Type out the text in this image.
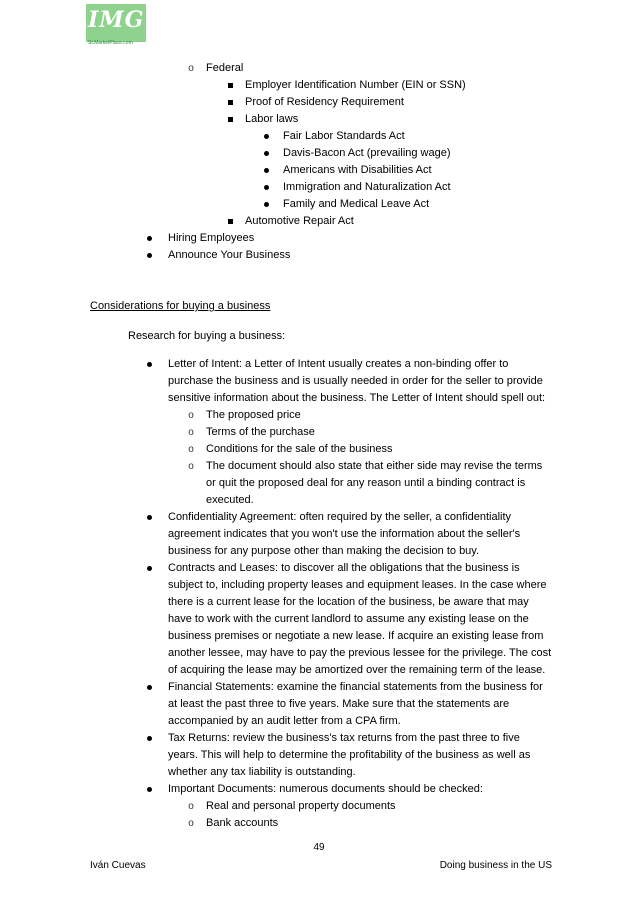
IMG
St.MarketPlace.com
o Federal
Employer Identification Number (EIN or SSN)
Proof of Residency Requirement
Labor laws
Fair Labor Standards Act
Davis-Bacon Act (prevailing wage)
Americans with Disabilities Act
Immigration and Naturalization Act
Family and Medical Leave Act
Automotive Repair Act
Hiring Employees
Announce Your Business
Considerations for buying a business
Research for buying a business:
Letter of Intent: a Letter of Intent usually creates a non-binding offer to
purchase the business and is usually needed in order for the seller to provide
sensitive information about the business. The Letter of Intent should spell out:
o The proposed price
o Terms of the purchase
o Conditions for the sale of the business
o The document should also state that either side may revise the terms
or quit the proposed deal for any reason until a binding contract is
executed.
Confidentiality Agreement: often required by the seller, a confidentiality
agreement indicates that you won't use the information about the seller's
business for any purpose other than making the decision to buy.
Contracts and Leases: to discover all the obligations that the business is
subject to, including property leases and equipment leases. In the case where
there is a current lease for the location of the business, be aware that may
have to work with the current landlord to assume any existing lease on the
business premises or negotiate a new lease. If acquire an existing lease from
another lessee, may have to pay the previous lessee for the privilege. The cost
of acquiring the lease may be amortized over the remaining term of the lease.
Financial Statements: examine the financial statements from the business for
at least the past three to five years. Make sure that the statements are
accompanied by an audit letter from a CPA firm.
Tax Returns: review the business's tax returns from the past three to five
years. This will help to determine the profitability of the business as well as
whether any tax liability is outstanding.
Important Documents: numerous documents should be checked:
o Real and personal property documents
o Bank accounts
49
Iván Cuevas	Doing business in the US
